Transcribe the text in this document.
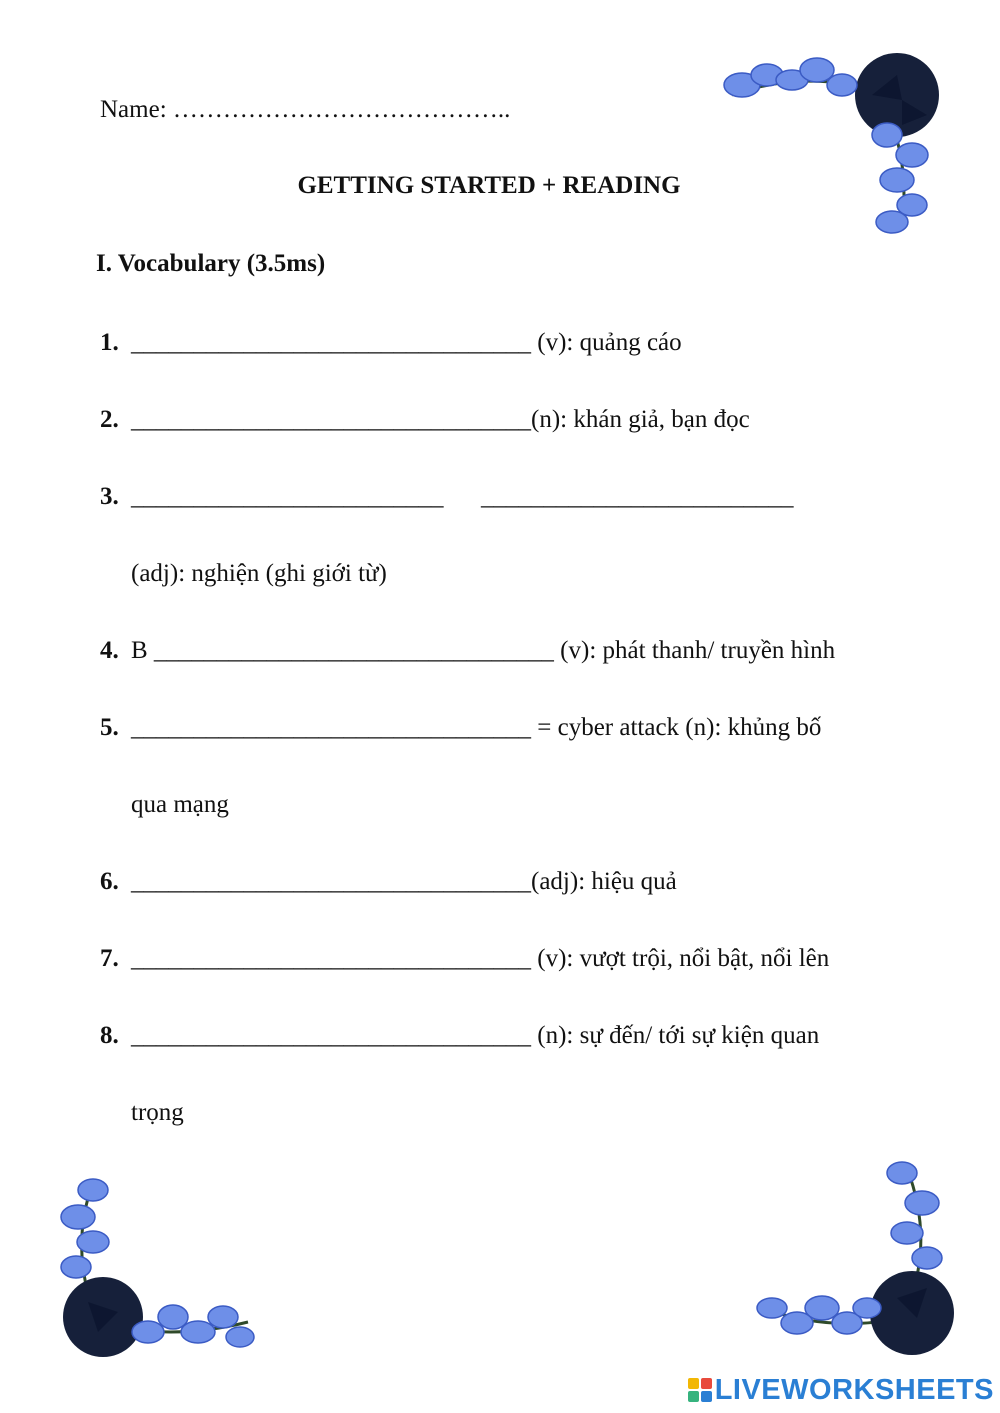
Name: …………………………………..
GETTING STARTED + READING
I. Vocabulary (3.5ms)
1. ________________________________ (v): quảng cáo
2. ________________________________(n): khán giả, bạn đọc
3. _________________________      _________________________
(adj): nghiện (ghi giới từ)
4. B ________________________________ (v): phát thanh/ truyền hình
5. ________________________________ = cyber attack (n): khủng bố
qua mạng
6. ________________________________(adj): hiệu quả
7. ________________________________ (v): vượt trội, nổi bật, nổi lên
8. ________________________________ (n): sự đến/ tới sự kiện quan
trọng
LIVEWORKSHEETS
